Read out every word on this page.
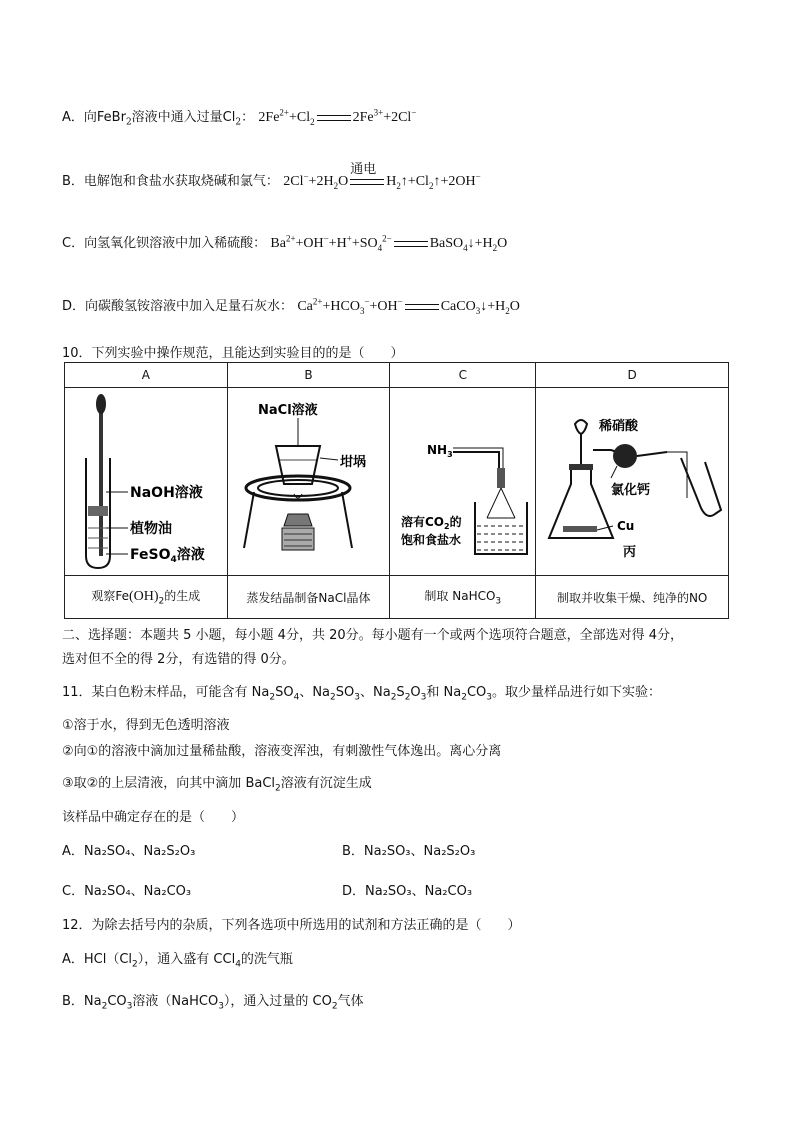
A．向FeBr$_2$溶液中通入过量$Cl_2$： $2Fe^{2+}+Cl_2$	$2Fe^{3+}+2Cl^-$
B．电解饱和食盐水获取烧碱和氯气： $2Cl^-+2H_2O$
通电
$H_2↑+Cl_2↑+2OH^-$
C．向氢氧化钡溶液中加入稀硫酸： $Ba^{2+}+OH^-+H^++SO_4^{2-}$	$BaSO_4↓+H_2O$
D．向碳酸氢铵溶液中加入足量石灰水： $Ca^{2+}+HCO_3^-+OH^-$	$CaCO_3↓+H_2O$
10．下列实验中操作规范，且能达到实验目的的是（　　）
A	B	C	D

NaOH溶液
植物油
FeSO$_4$溶液	NaCl溶液
坩埚	$NH_3$
溶有$CO_2$的
饱和食盐水	稀硝酸
氯化钙
Cu
丙

观察$Fe(OH)_2$的生成	蒸发结晶制备NaCl晶体	制取 NaHCO$_3$	制取并收集干燥、纯净的NO
二、选择题：本题共 5 小题，每小题 4分，共 20分。每小题有一个或两个选项符合题意，全部选对得 4分，
选对但不全的得 2分，有选错的得 0分。
11．某白色粉末样品，可能含有 $Na_2SO_4$、$Na_2SO_3$、$Na_2S_2O_3$和 $Na_2CO_3$。取少量样品进行如下实验：
①溶于水，得到无色透明溶液
②向①的溶液中滴加过量稀盐酸，溶液变浑浊，有刺激性气体逸出。离心分离
③取②的上层清液，向其中滴加 BaCl$_2$溶液有沉淀生成
该样品中确定存在的是（　　）
A．Na₂SO₄、Na₂S₂O₃	B．Na₂SO₃、Na₂S₂O₃
C．Na₂SO₄、Na₂CO₃	D．Na₂SO₃、Na₂CO₃
12．为除去括号内的杂质，下列各选项中所选用的试剂和方法正确的是（　　）
A．$HCl(Cl_2)$，通入盛有 CCl$_4$的洗气瓶
B．$Na_2CO_3$溶液（NaHCO$_3$），通入过量的 $CO_2$气体
